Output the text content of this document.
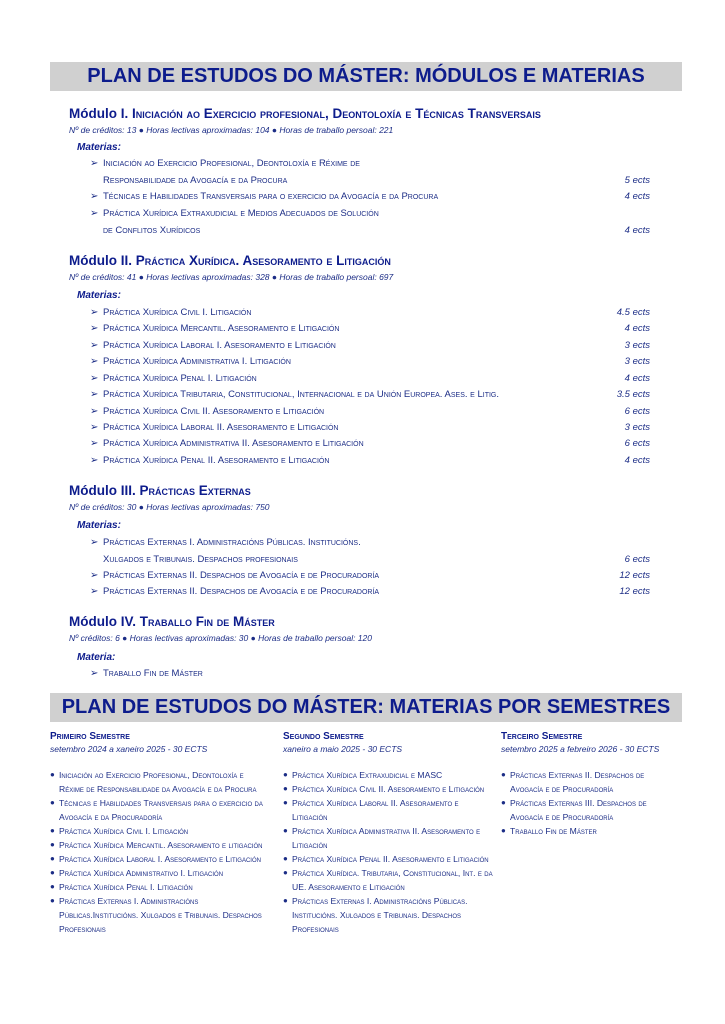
PLAN DE ESTUDOS DO MÁSTER: MÓDULOS E MATERIAS
Módulo I. Iniciación ao Exercicio profesional, Deontoloxía e Técnicas Transversais
Nº de créditos: 13 ● Horas lectivas aproximadas: 104 ● Horas de traballo persoal: 221
Materias:
➢ Iniciación ao Exercicio Profesional, Deontoloxía e Réxime de
Responsabilidade da Avogacía e da Procura	5 ects
➢ Técnicas e Habilidades Transversais para o exercicio da Avogacía e da Procura	4 ects
➢ Práctica Xurídica Extraxudicial e Medios Adecuados de Solución
de Conflitos Xurídicos	4 ects
Módulo II. Práctica Xurídica. Asesoramento e Litigación
Nº de créditos: 41 ● Horas lectivas aproximadas: 328 ● Horas de traballo persoal: 697
Materias:
➢ Práctica Xurídica Civil I. Litigación	4.5 ects
➢ Práctica Xurídica Mercantil. Asesoramento e Litigación	4 ects
➢ Práctica Xurídica Laboral I. Asesoramento e Litigación	3 ects
➢ Práctica Xurídica Administrativa I. Litigación	3 ects
➢ Práctica Xurídica Penal I. Litigación	4 ects
➢ Práctica Xurídica Tributaria, Constitucional, Internacional e da Unión Europea. Ases. e Litig.	3.5 ects
➢ Práctica Xurídica Civil II. Asesoramento e Litigación	6 ects
➢ Práctica Xurídica Laboral II. Asesoramento e Litigación	3 ects
➢ Práctica Xurídica Administrativa II. Asesoramento e Litigación	6 ects
➢ Práctica Xurídica Penal II. Asesoramento e Litigación	4 ects
Módulo III. Prácticas Externas
Nº de créditos: 30 ● Horas lectivas aproximadas: 750
Materias:
➢ Prácticas Externas I. Administracións Públicas. Institucións.
Xulgados e Tribunais. Despachos profesionais	6 ects
➢ Prácticas Externas II. Despachos de Avogacía e de Procuradoría	12 ects
➢ Prácticas Externas II. Despachos de Avogacía e de Procuradoría	12 ects
Módulo IV. Traballo Fin de Máster
Nº créditos: 6 ● Horas lectivas aproximadas: 30 ● Horas de traballo persoal: 120
Materia:
➢ Traballo Fin de Máster
PLAN DE ESTUDOS DO MÁSTER: MATERIAS POR SEMESTRES
Primeiro Semestre
setembro 2024 a xaneiro 2025 - 30 ECTS
● Iniciación ao Exercicio Profesional, Deontoloxía e Réxime de Responsabilidade da Avogacía e da Procura
● Técnicas e Habilidades Transversais para o exercicio da Avogacía e da Procuradoría
● Práctica Xurídica Civil I. Litigación
● Práctica Xurídica Mercantil. Asesoramento e litigación
● Práctica Xurídica Laboral I. Asesoramento e Litigación
● Práctica Xurídica Administrativo I. Litigación
● Práctica Xurídica Penal I. Litigación
● Prácticas Externas I. Administracións Públicas.Institucións. Xulgados e Tribunais. Despachos Profesionais
Segundo Semestre
xaneiro a maio 2025 - 30 ECTS
● Práctica Xurídica Extraxudicial e MASC
● Práctica Xurídica Civil II. Asesoramento e Litigación
● Práctica Xurídica Laboral II. Asesoramento e Litigación
● Práctica Xurídica Administrativa II. Asesoramento e Litigación
● Práctica Xurídica Penal II. Asesoramento e Litigación
● Práctica Xurídica. Tributaria, Constitucional, Int. e da UE. Asesoramento e Litigación
● Prácticas Externas I. Administracións Públicas. Institucións. Xulgados e Tribunais. Despachos Profesionais
Terceiro Semestre
setembro 2025 a febreiro 2026 - 30 ECTS
● Prácticas Externas II. Despachos de Avogacía e de Procuradoría
● Prácticas Externas III. Despachos de Avogacía e de Procuradoría
● Traballo Fin de Máster
